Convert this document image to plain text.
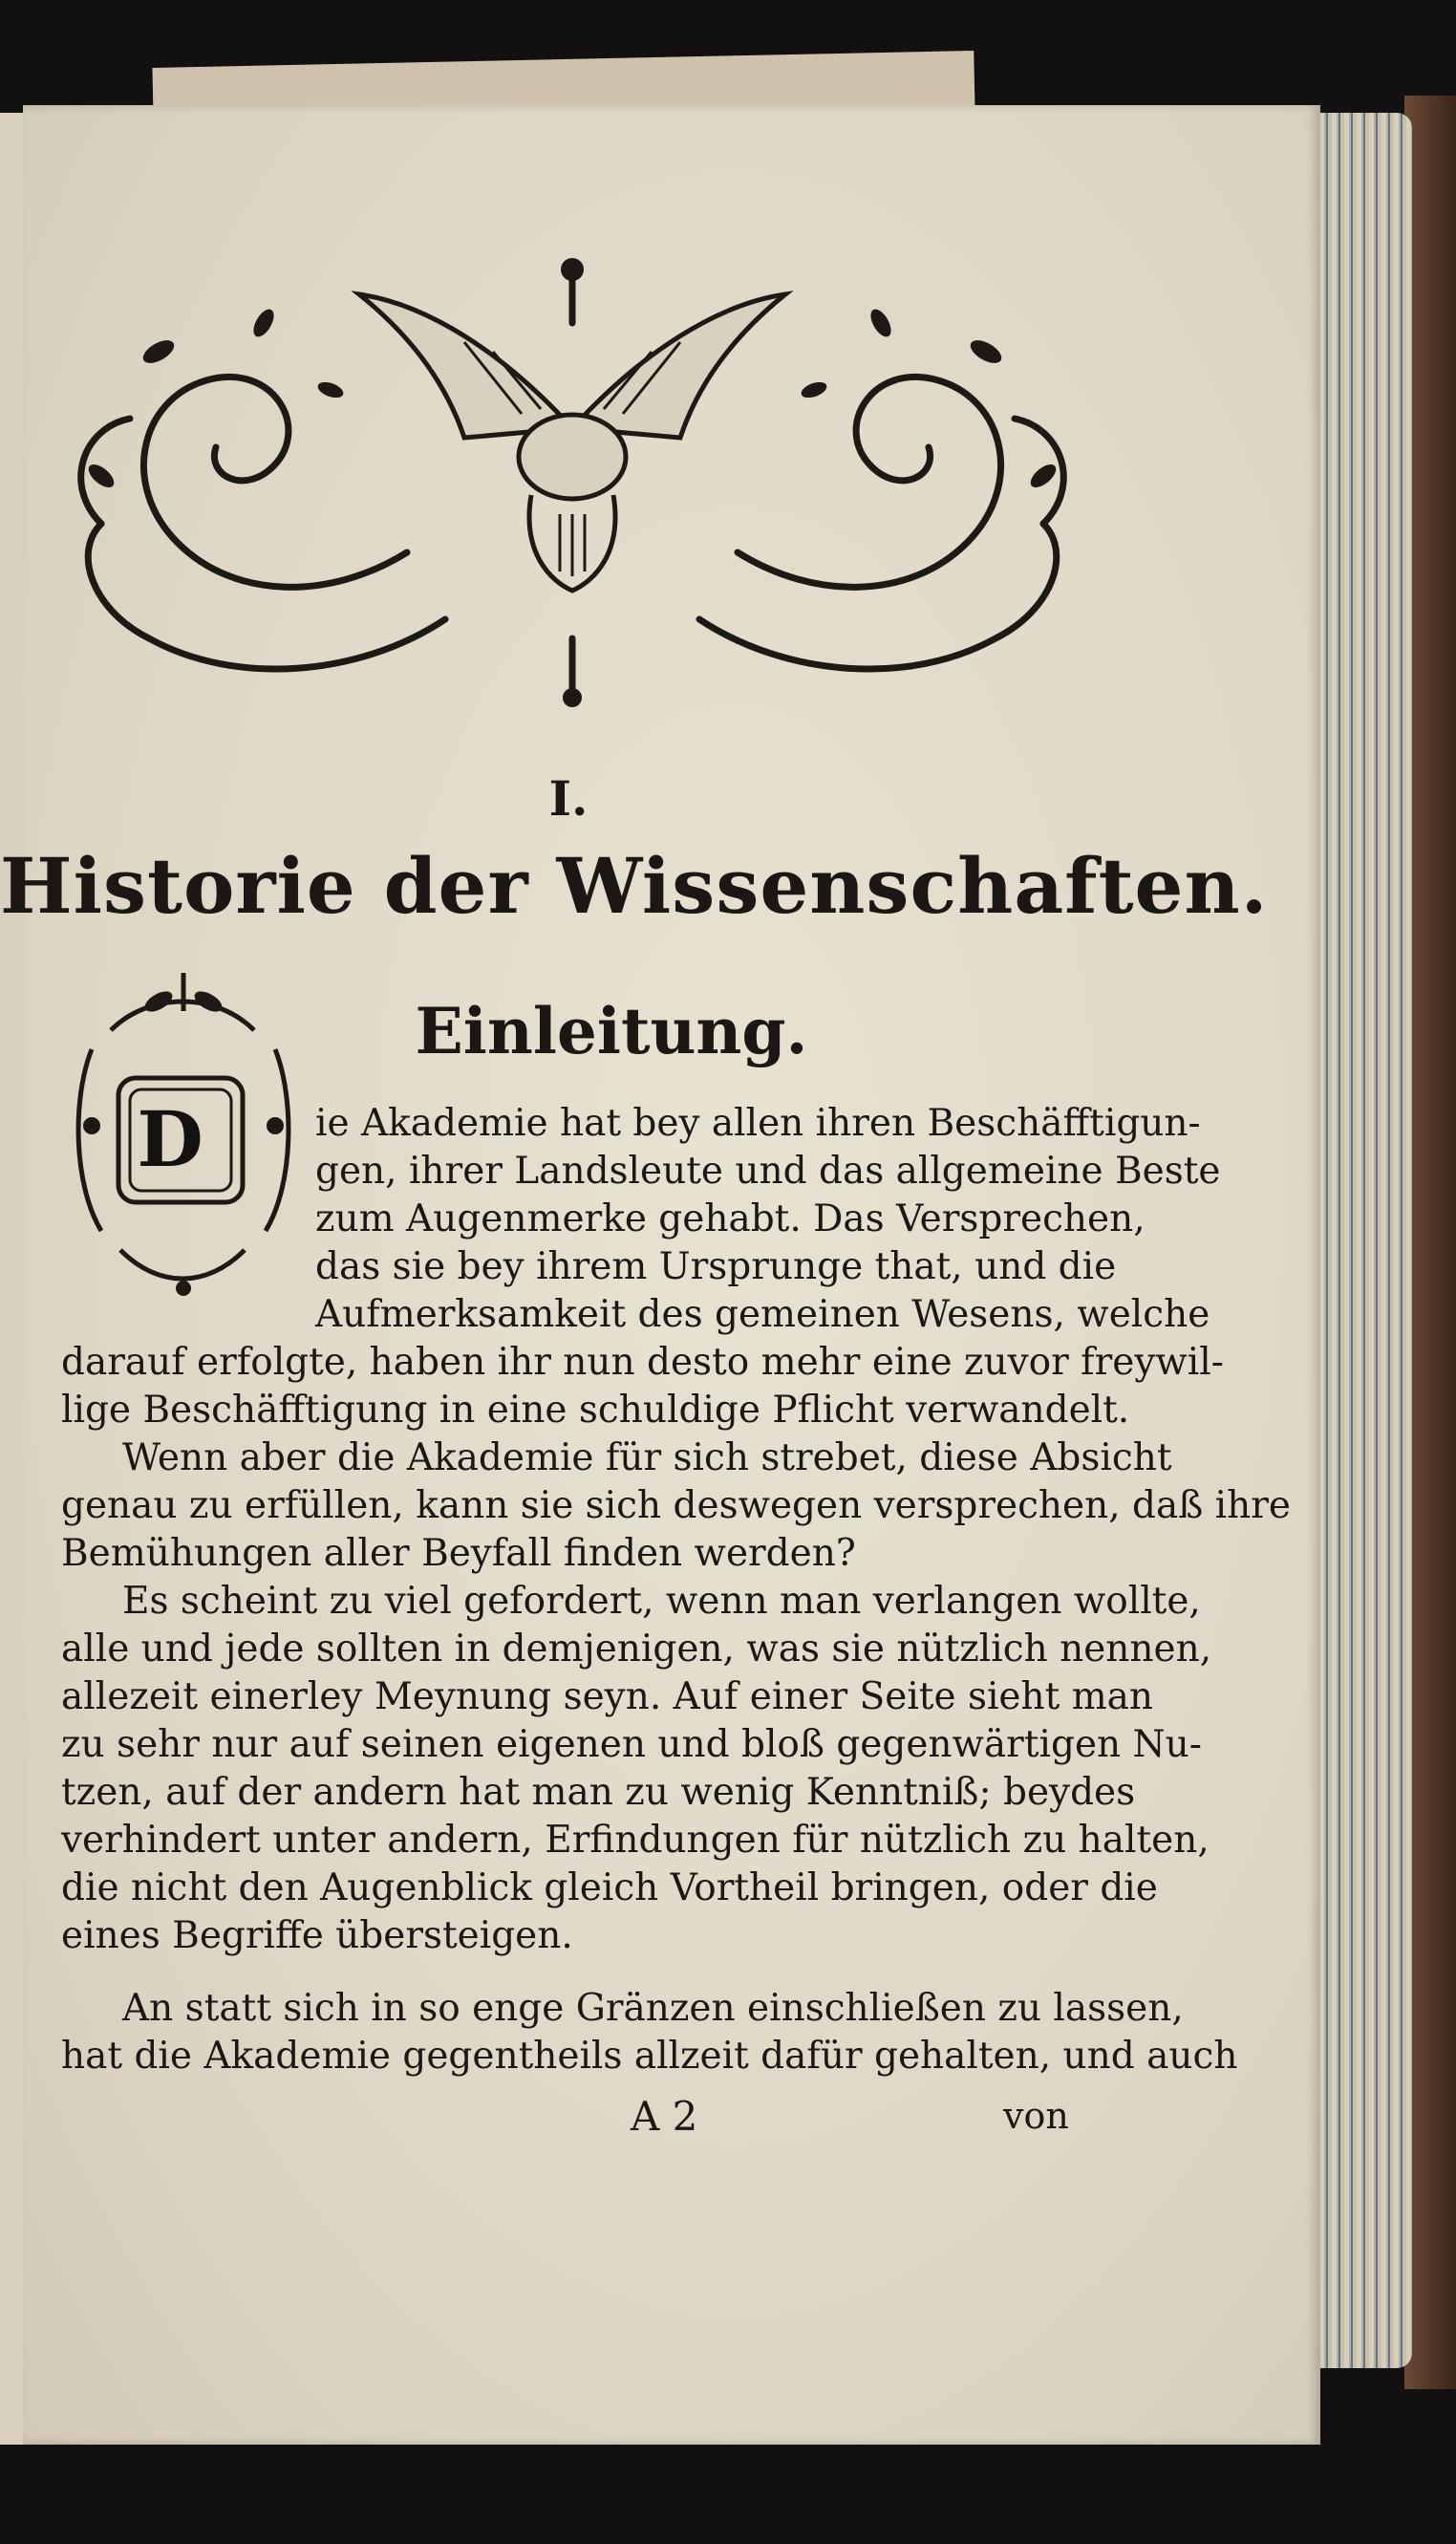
I.
Historie der Wissenschaften.
Einleitung.
D	ie Akademie hat bey allen ihren Beschäfftigun-
gen, ihrer Landsleute und das allgemeine Beste
zum Augenmerke gehabt. Das Versprechen,
das sie bey ihrem Ursprunge that, und die
Aufmerksamkeit des gemeinen Wesens, welche
darauf erfolgte, haben ihr nun desto mehr eine zuvor freywil-
lige Beschäfftigung in eine schuldige Pflicht verwandelt.
Wenn aber die Akademie für sich strebet, diese Absicht
genau zu erfüllen, kann sie sich deswegen versprechen, daß ihre
Bemühungen aller Beyfall finden werden?
Es scheint zu viel gefordert, wenn man verlangen wollte,
alle und jede sollten in demjenigen, was sie nützlich nennen,
allezeit einerley Meynung seyn. Auf einer Seite sieht man
zu sehr nur auf seinen eigenen und bloß gegenwärtigen Nu-
tzen, auf der andern hat man zu wenig Kenntniß; beydes
verhindert unter andern, Erfindungen für nützlich zu halten,
die nicht den Augenblick gleich Vortheil bringen, oder die
eines Begriffe übersteigen.
An statt sich in so enge Gränzen einschließen zu lassen,
hat die Akademie gegentheils allzeit dafür gehalten, und auch
A 2	von
